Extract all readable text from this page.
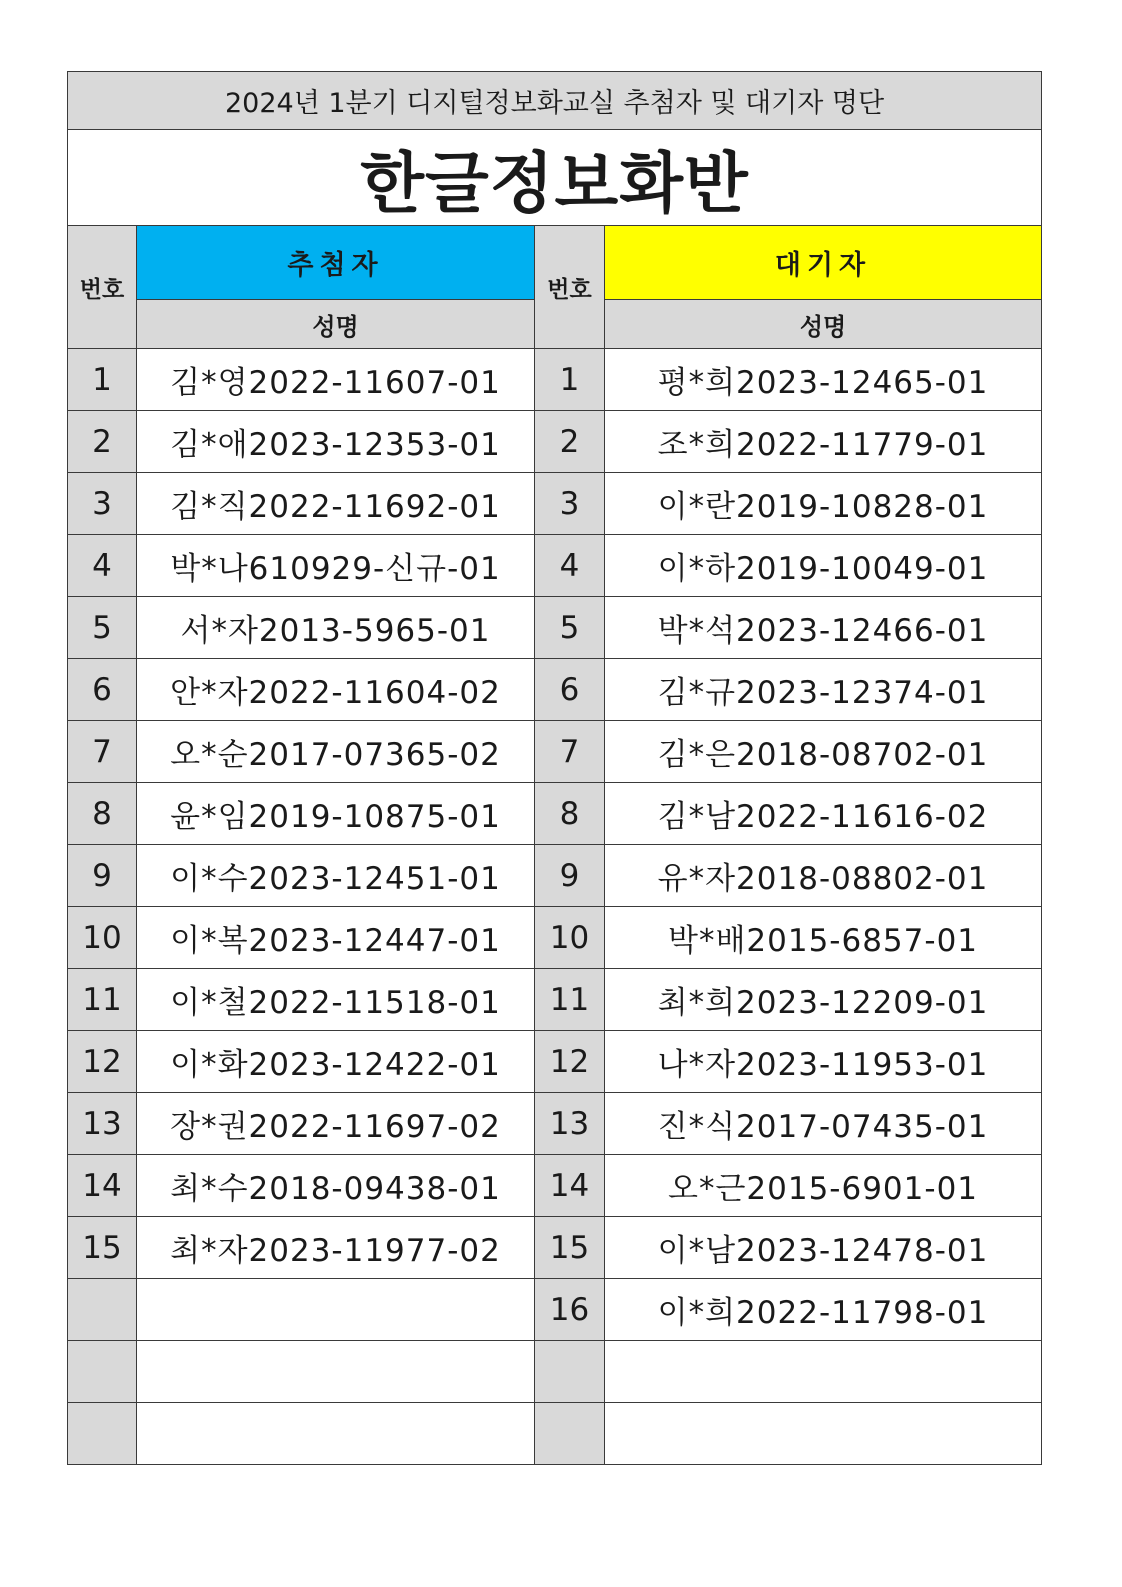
2024년 1분기 디지털정보화교실 추첨자 및 대기자 명단			
한글정보화반			
번호	추첨자	번호	대기자
	성명		성명
1	김*영2022-11607-01	1	평*희2023-12465-01
2	김*애2023-12353-01	2	조*희2022-11779-01
3	김*직2022-11692-01	3	이*란2019-10828-01
4	박*나610929-신규-01	4	이*하2019-10049-01
5	서*자2013-5965-01	5	박*석2023-12466-01
6	안*자2022-11604-02	6	김*규2023-12374-01
7	오*순2017-07365-02	7	김*은2018-08702-01
8	윤*임2019-10875-01	8	김*남2022-11616-02
9	이*수2023-12451-01	9	유*자2018-08802-01
10	이*복2023-12447-01	10	박*배2015-6857-01
11	이*철2022-11518-01	11	최*희2023-12209-01
12	이*화2023-12422-01	12	나*자2023-11953-01
13	장*권2022-11697-02	13	진*식2017-07435-01
14	최*수2018-09438-01	14	오*근2015-6901-01
15	최*자2023-11977-02	15	이*남2023-12478-01
		16	이*희2022-11798-01
